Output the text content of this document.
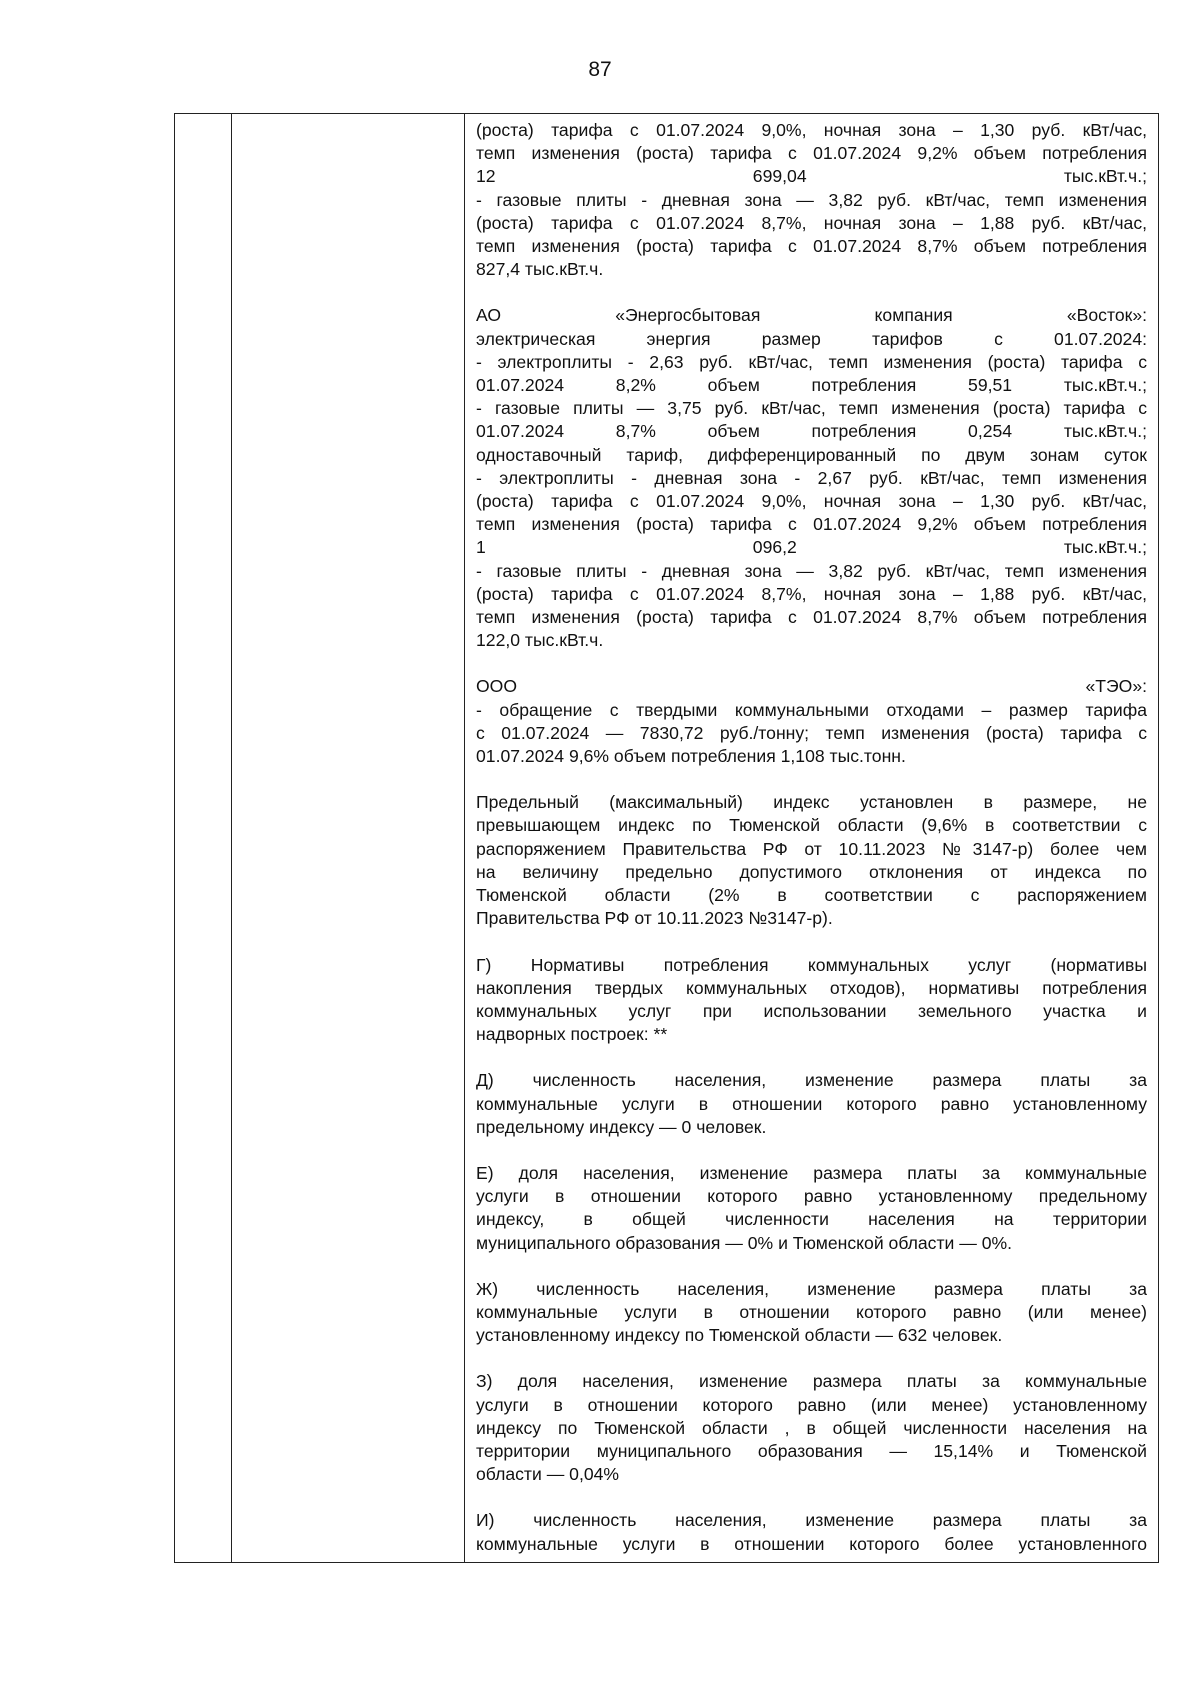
87
(роста) тарифа с 01.07.2024 9,0%, ночная зона – 1,30 руб. кВт/час,
темп изменения (роста) тарифа с 01.07.2024 9,2% объем потребления
12 699,04 тыс.кВт.ч.;
- газовые плиты - дневная зона — 3,82 руб. кВт/час, темп изменения
(роста) тарифа с 01.07.2024 8,7%, ночная зона – 1,88 руб. кВт/час,
темп изменения (роста) тарифа с 01.07.2024 8,7% объем потребления
827,4 тыс.кВт.ч.
АО «Энергосбытовая компания «Восток»:
электрическая энергия размер тарифов с 01.07.2024:
- электроплиты - 2,63 руб. кВт/час, темп изменения (роста) тарифа с
01.07.2024 8,2% объем потребления 59,51 тыс.кВт.ч.;
- газовые плиты — 3,75 руб. кВт/час, темп изменения (роста) тарифа с
01.07.2024 8,7% объем потребления 0,254 тыс.кВт.ч.;
одноставочный тариф, дифференцированный по двум зонам суток
- электроплиты - дневная зона - 2,67 руб. кВт/час, темп изменения
(роста) тарифа с 01.07.2024 9,0%, ночная зона – 1,30 руб. кВт/час,
темп изменения (роста) тарифа с 01.07.2024 9,2% объем потребления
1 096,2 тыс.кВт.ч.;
- газовые плиты - дневная зона — 3,82 руб. кВт/час, темп изменения
(роста) тарифа с 01.07.2024 8,7%, ночная зона – 1,88 руб. кВт/час,
темп изменения (роста) тарифа с 01.07.2024 8,7% объем потребления
122,0 тыс.кВт.ч.
ООО «ТЭО»:
- обращение с твердыми коммунальными отходами – размер тарифа
с 01.07.2024 — 7830,72 руб./тонну; темп изменения (роста) тарифа с
01.07.2024 9,6% объем потребления 1,108 тыс.тонн.
Предельный (максимальный) индекс установлен в размере, не
превышающем индекс по Тюменской области (9,6% в соответствии с
распоряжением Правительства РФ от 10.11.2023 №3147-р) более чем
на величину предельно допустимого отклонения от индекса по
Тюменской области (2% в соответствии с распоряжением
Правительства РФ от 10.11.2023 №3147-р).
Г) Нормативы потребления коммунальных услуг (нормативы
накопления твердых коммунальных отходов), нормативы потребления
коммунальных услуг при использовании земельного участка и
надворных построек: **
Д) численность населения, изменение размера платы за
коммунальные услуги в отношении которого равно установленному
предельному индексу — 0 человек.
Е) доля населения, изменение размера платы за коммунальные
услуги в отношении которого равно установленному предельному
индексу, в общей численности населения на территории
муниципального образования — 0% и Тюменской области — 0%.
Ж) численность населения, изменение размера платы за
коммунальные услуги в отношении которого равно (или менее)
установленному индексу по Тюменской области — 632 человек.
З) доля населения, изменение размера платы за коммунальные
услуги в отношении которого равно (или менее) установленному
индексу по Тюменской области , в общей численности населения на
территории муниципального образования — 15,14% и Тюменской
области — 0,04%
И) численность населения, изменение размера платы за
коммунальные услуги в отношении которого более установленного
